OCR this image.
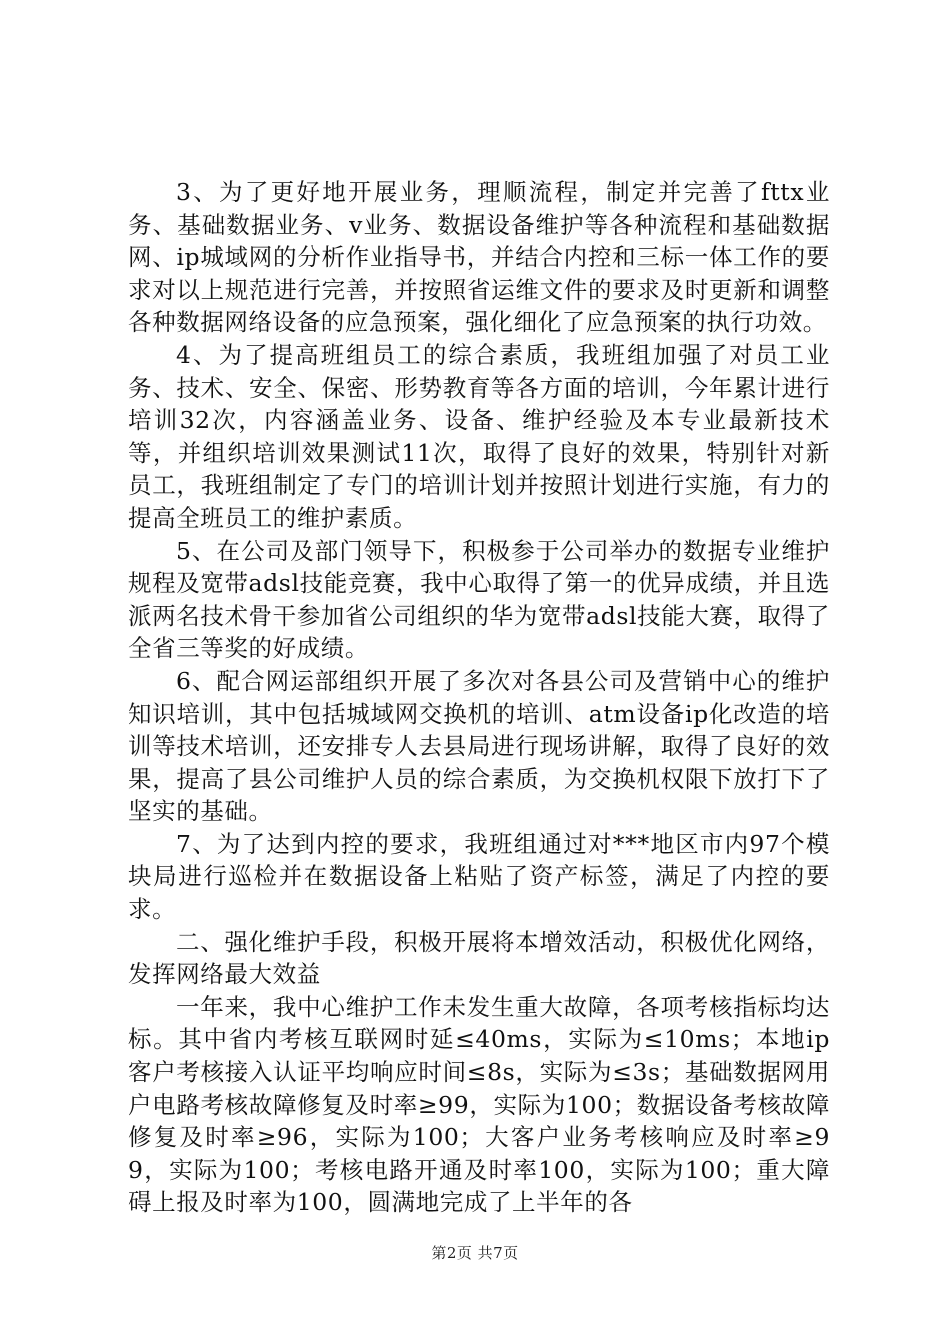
3、为了更好地开展业务，理顺流程，制定并完善了fttx业务、基础数据业务、v业务、数据设备维护等各种流程和基础数据网、ip城域网的分析作业指导书，并结合内控和三标一体工作的要求对以上规范进行完善，并按照省运维文件的要求及时更新和调整各种数据网络设备的应急预案，强化细化了应急预案的执行功效。

4、为了提高班组员工的综合素质，我班组加强了对员工业务、技术、安全、保密、形势教育等各方面的培训，今年累计进行培训32次，内容涵盖业务、设备、维护经验及本专业最新技术等，并组织培训效果测试11次，取得了良好的效果，特别针对新员工，我班组制定了专门的培训计划并按照计划进行实施，有力的提高全班员工的维护素质。

5、在公司及部门领导下，积极参于公司举办的数据专业维护规程及宽带adsl技能竞赛，我中心取得了第一的优异成绩，并且选派两名技术骨干参加省公司组织的华为宽带adsl技能大赛，取得了全省三等奖的好成绩。

6、配合网运部组织开展了多次对各县公司及营销中心的维护知识培训，其中包括城域网交换机的培训、atm设备ip化改造的培训等技术培训，还安排专人去县局进行现场讲解，取得了良好的效果，提高了县公司维护人员的综合素质，为交换机权限下放打下了坚实的基础。

7、为了达到内控的要求，我班组通过对***地区市内97个模块局进行巡检并在数据设备上粘贴了资产标签，满足了内控的要求。

二、强化维护手段，积极开展将本增效活动，积极优化网络，发挥网络最大效益

一年来，我中心维护工作未发生重大故障，各项考核指标均达标。其中省内考核互联网时延≤40ms，实际为≤10ms；本地ip客户考核接入认证平均响应时间≤8s，实际为≤3s；基础数据网用户电路考核故障修复及时率≥99，实际为100；数据设备考核故障修复及时率≥96，实际为100；大客户业务考核响应及时率≥99，实际为100；考核电路开通及时率100，实际为100；重大障碍上报及时率为100，圆满地完成了上半年的各

第2页 共7页
